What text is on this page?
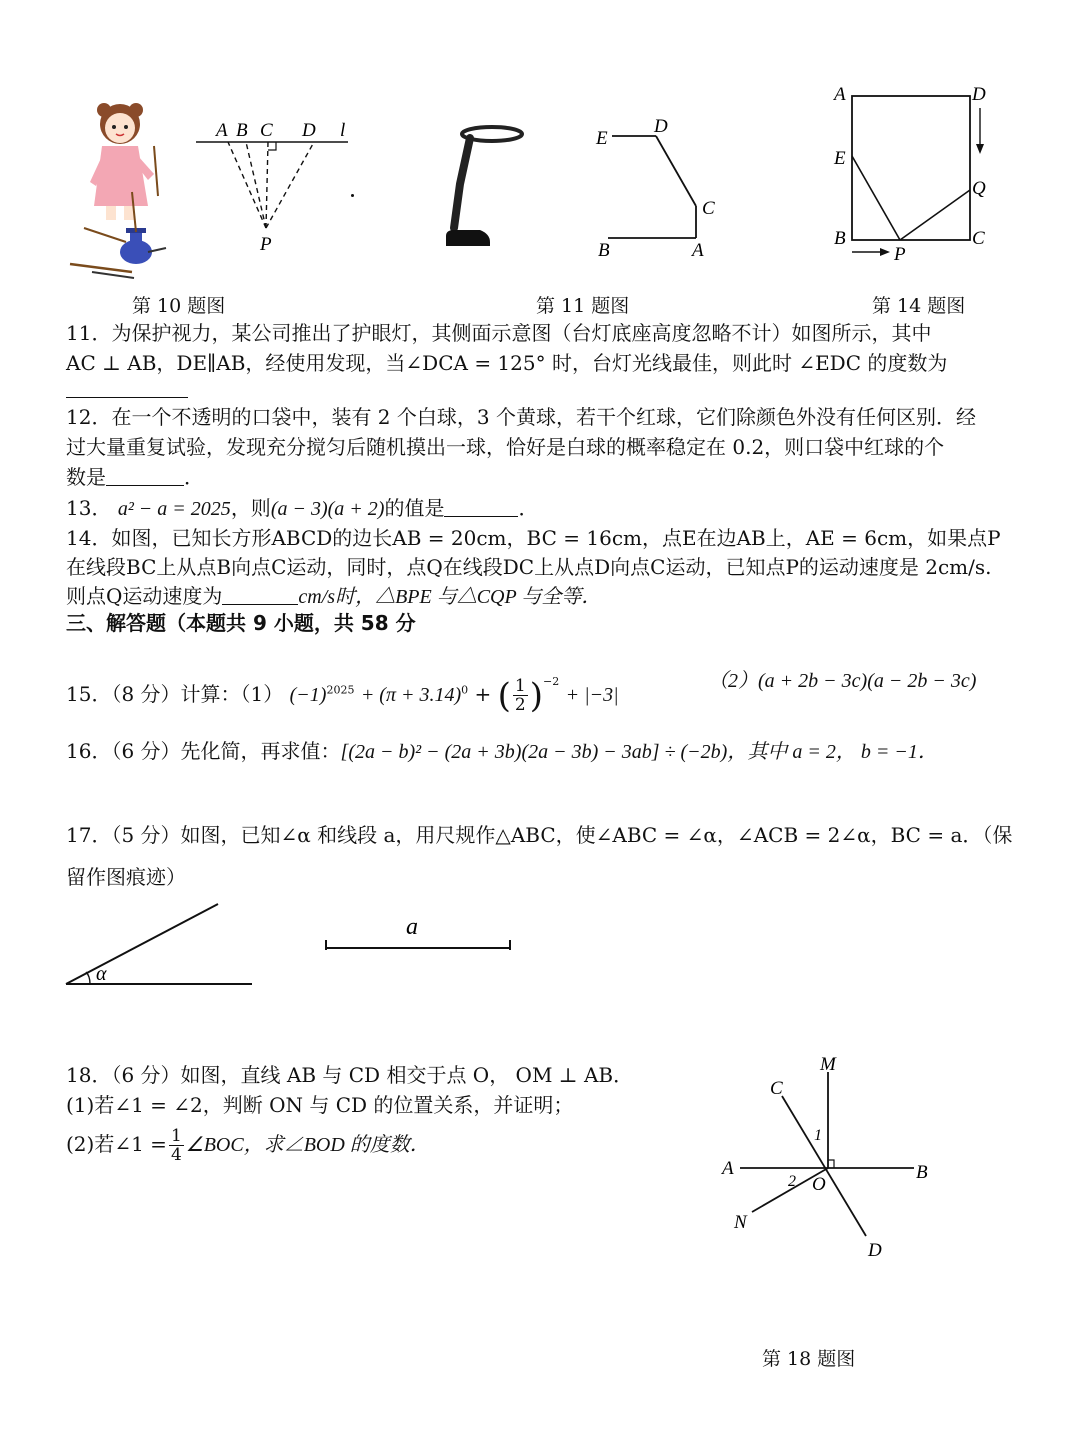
A B C D l
P
E
D
C
B	A
A	D
E
Q
B
P
C
第 10 题图	第 11 题图	第 14 题图
11．为保护视力，某公司推出了护眼灯，其侧面示意图（台灯底座高度忽略不计）如图所示，其中
AC ⊥ AB，DE∥AB，经使用发现，当∠DCA = 125° 时，台灯光线最佳，则此时 ∠EDC 的度数为
12．在一个不透明的口袋中，装有 2 个白球，3 个黄球，若干个红球，它们除颜色外没有任何区别．经
过大量重复试验，发现充分搅匀后随机摸出一球，恰好是白球的概率稳定在 0.2，则口袋中红球的个
数是	．
13． a² − a = 2025，则(a − 3)(a + 2)的值是	．
14．如图，已知长方形ABCD的边长AB = 20cm，BC = 16cm，点E在边AB上，AE = 6cm，如果点P
在线段BC上从点B向点C运动，同时，点Q在线段DC上从点D向点C运动，已知点P的运动速度是 2cm/s.
则点Q运动速度为	cm/s时，△BPE 与△CQP 与全等．
三、解答题（本题共 9 小题，共 58 分
15．（8 分）计算：（1） $(-1)^{2025} + (\pi + 3.14)^0$ + ( $\frac{1}{2} )^{-2} + |-3|$
（2）(a + 2b − 3c)(a − 2b − 3c)
16．（6 分）先化简，再求值：[(2a − b)² − (2a + 3b)(2a − 3b) − 3ab] ÷ (−2b)，其中 a = 2， b = −1．
17．（5 分）如图，已知∠α 和线段 a，用尺规作△ABC，使∠ABC = ∠α，∠ACB = 2∠α，BC = a．（保
留作图痕迹）
α
a
18．（6 分）如图，直线 AB 与 CD 相交于点 O， OM ⊥ AB．
(1)若∠1 = ∠2，判断 ON 与 CD 的位置关系，并证明；
(2)若∠1 = $\frac{1}{4}$ ∠BOC，求∠BOD 的度数．
M
C
1
A
2 O
B
N
D
第 18 题图
